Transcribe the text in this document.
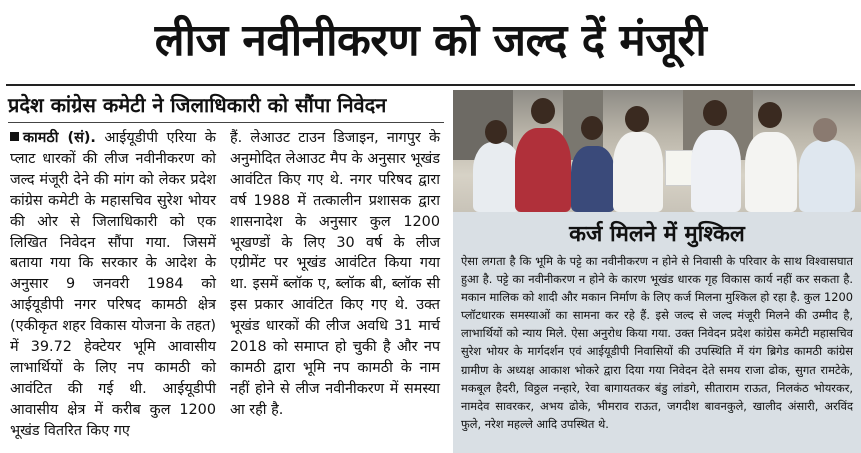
लीज नवीनीकरण को जल्द दें मंजूरी
प्रदेश कांग्रेस कमेटी ने जिलाधिकारी को सौंपा निवेदन

कामठी (सं). आईयूडीपी एरिया के प्लाट धारकों की लीज नवीनीकरण को जल्द मंजूरी देने की मांग को लेकर प्रदेश कांग्रेस कमेटी के महासचिव सुरेश भोयर की ओर से जिलाधिकारी को एक लिखित निवेदन सौंपा गया. जिसमें बताया गया कि सरकार के आदेश के अनुसार 9 जनवरी 1984 को आईयूडीपी नगर परिषद कामठी क्षेत्र (एकीकृत शहर विकास योजना के तहत) में 39.72 हेक्टेयर भूमि आवासीय लाभार्थियों के लिए नप कामठी को आवंटित की गई थी. आईयूडीपी आवासीय क्षेत्र में करीब कुल 1200 भूखंड वितरित किए गए

हैं. लेआउट टाउन डिजाइन, नागपुर के अनुमोदित लेआउट मैप के अनुसार भूखंड आवंटित किए गए थे. नगर परिषद द्वारा वर्ष 1988 में तत्कालीन प्रशासक द्वारा शासनादेश के अनुसार कुल 1200 भूखण्डों के लिए 30 वर्ष के लीज एग्रीमेंट पर भूखंड आवंटित किया गया था. इसमें ब्लॉक ए, ब्लॉक बी, ब्लॉक सी इस प्रकार आवंटित किए गए थे. उक्त भूखंड धारकों की लीज अवधि 31 मार्च 2018 को समाप्त हो चुकी है और नप कामठी द्वारा भूमि नप कामठी के नाम नहीं होने से लीज नवीनीकरण में समस्या आ रही है.

कर्ज मिलने में मुश्किल
ऐसा लगता है कि भूमि के पट्टे का नवीनीकरण न होने से निवासी के परिवार के साथ विश्वासघात हुआ है. पट्टे का नवीनीकरण न होने के कारण भूखंड धारक गृह विकास कार्य नहीं कर सकता है. मकान मालिक को शादी और मकान निर्माण के लिए कर्ज मिलना मुश्किल हो रहा है. कुल 1200 प्लॉटधारक समस्याओं का सामना कर रहे हैं. इसे जल्द से जल्द मंजूरी मिलने की उम्मीद है, लाभार्थियों को न्याय मिले. ऐसा अनुरोध किया गया. उक्त निवेदन प्रदेश कांग्रेस कमेटी महासचिव सुरेश भोयर के मार्गदर्शन एवं आईयूडीपी निवासियों की उपस्थिति में यंग ब्रिगेड कामठी कांग्रेस ग्रामीण के अध्यक्ष आकाश भोकरे द्वारा दिया गया निवेदन देते समय राजा ढोक, सुगत रामटेके, मकबूल हैदरी, विठ्ठल नन्हारे, रेवा बागायतकर बंडु लांडगे, सीताराम राऊत, निलकंठ भोयरकर, नामदेव सावरकर, अभय ढोके, भीमराव राऊत, जगदीश बावनकुले, खालीद अंसारी, अरविंद फुले, नरेश महल्ले आदि उपस्थित थे.
